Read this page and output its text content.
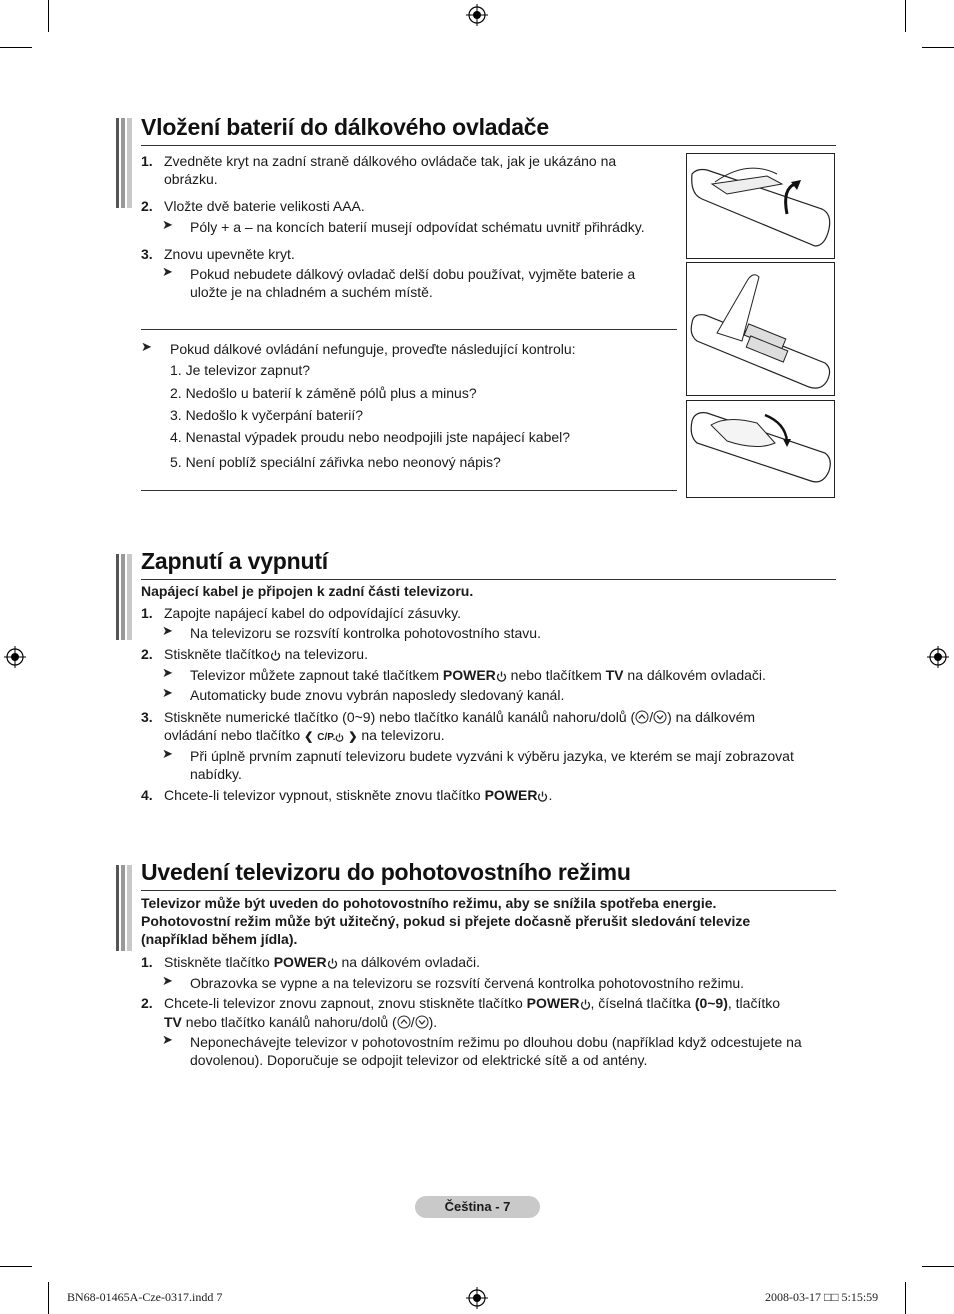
Vložení baterií do dálkového ovladače
1. Zvedněte kryt na zadní straně dálkového ovládače tak, jak je ukázáno na
obrázku.
2. Vložte dvě baterie velikosti AAA.
➤ Póly + a – na koncích baterií musejí odpovídat schématu uvnitř přihrádky.
3. Znovu upevněte kryt.
➤ Pokud nebudete dálkový ovladač delší dobu používat, vyjměte baterie a
uložte je na chladném a suchém místě.
➤ Pokud dálkové ovládání nefunguje, proveďte následující kontrolu:
1. Je televizor zapnut?
2. Nedošlo u baterií k záměně pólů plus a minus?
3. Nedošlo k vyčerpání baterií?
4. Nenastal výpadek proudu nebo neodpojili jste napájecí kabel?
5. Není poblíž speciální zářivka nebo neonový nápis?
Zapnutí a vypnutí
Napájecí kabel je připojen k zadní části televizoru.
1. Zapojte napájecí kabel do odpovídající zásuvky.
➤ Na televizoru se rozsvítí kontrolka pohotovostního stavu.
2. Stiskněte tlačítko na televizoru.
➤ Televizor můžete zapnout také tlačítkem POWER nebo tlačítkem TV na dálkovém ovladači.
➤ Automaticky bude znovu vybrán naposledy sledovaný kanál.
3. Stiskněte numerické tlačítko (0~9) nebo tlačítko kanálů kanálů nahoru/dolů ( / ) na dálkovém
ovládání nebo tlačítko ❮ C/P. ❯ na televizoru.
➤ Při úplně prvním zapnutí televizoru budete vyzváni k výběru jazyka, ve kterém se mají zobrazovat
nabídky.
4. Chcete-li televizor vypnout, stiskněte znovu tlačítko POWER .
Uvedení televizoru do pohotovostního režimu
Televizor může být uveden do pohotovostního režimu, aby se snížila spotřeba energie.
Pohotovostní režim může být užitečný, pokud si přejete dočasně přerušit sledování televize
(například během jídla).
1. Stiskněte tlačítko POWER na dálkovém ovladači.
➤ Obrazovka se vypne a na televizoru se rozsvítí červená kontrolka pohotovostního režimu.
2. Chcete-li televizor znovu zapnout, znovu stiskněte tlačítko POWER , číselná tlačítka (0~9), tlačítko
TV nebo tlačítko kanálů nahoru/dolů ( / ).
➤ Neponechávejte televizor v pohotovostním režimu po dlouhou dobu (například když odcestujete na
dovolenou). Doporučuje se odpojit televizor od elektrické sítě a od antény.
Čeština - 7
BN68-01465A-Cze-0317.indd 7	2008-03-17 □□ 5:15:59
